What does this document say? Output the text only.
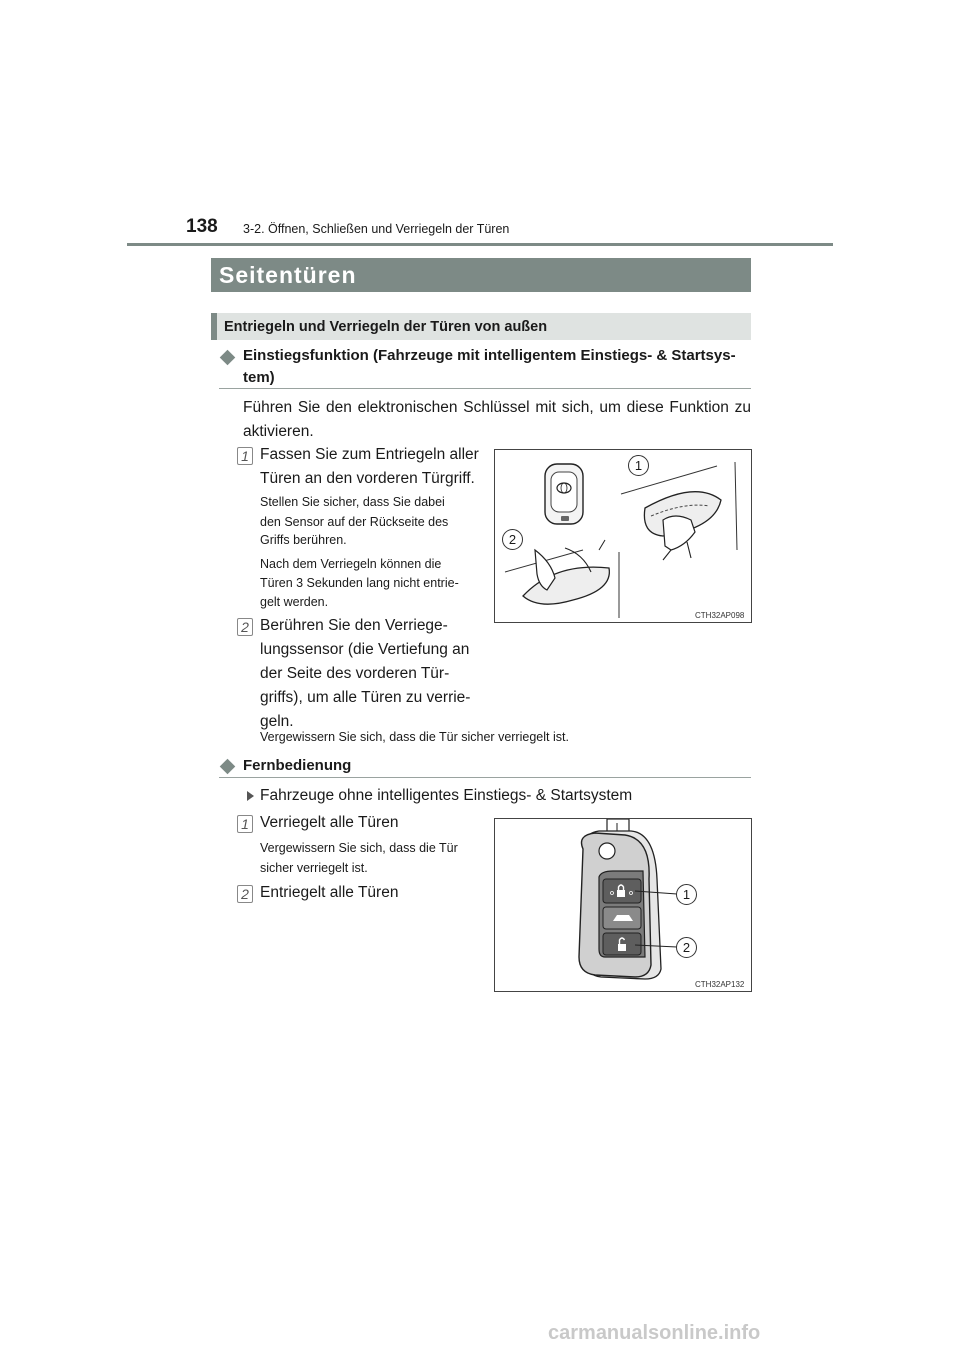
138 3-2. Öffnen, Schließen und Verriegeln der Türen
Seitentüren
Entriegeln und Verriegeln der Türen von außen
Einstiegsfunktion (Fahrzeuge mit intelligentem Einstiegs- & Startsys-
tem)
Führen Sie den elektronischen Schlüssel mit sich, um diese Funktion zu
aktivieren.
1 Fassen Sie zum Entriegeln aller
Türen an den vorderen Türgriff.
Stellen Sie sicher, dass Sie dabei
den Sensor auf der Rückseite des
Griffs berühren.
Nach dem Verriegeln können die
Türen 3 Sekunden lang nicht entrie-
gelt werden.
2 Berühren Sie den Verriege-
lungssensor (die Vertiefung an
der Seite des vorderen Tür-
griffs), um alle Türen zu verrie-
geln.
Vergewissern Sie sich, dass die Tür sicher verriegelt ist.
1
2
CTH32AP098
Fernbedienung
Fahrzeuge ohne intelligentes Einstiegs- & Startsystem
1 Verriegelt alle Türen
Vergewissern Sie sich, dass die Tür
sicher verriegelt ist.
2 Entriegelt alle Türen	1
2
CTH32AP132
carmanualsonline.info
